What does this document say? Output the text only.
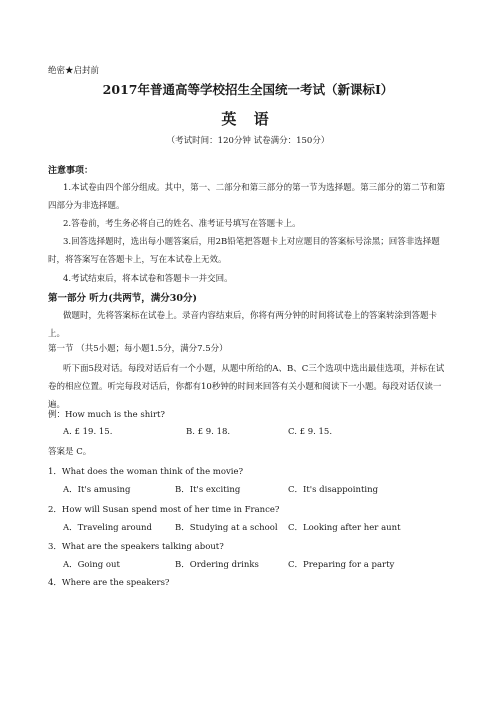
绝密★启封前
2017年普通高等学校招生全国统一考试（新课标Ⅰ）
英 语
（考试时间：120分钟 试卷满分：150分）
注意事项：
1.本试卷由四个部分组成。其中，第一、二部分和第三部分的第一节为选择题。第三部分的第二节和第四部分为非选择题。
2.答卷前，考生务必将自己的姓名、准考证号填写在答题卡上。
3.回答选择题时，选出每小题答案后，用2B铅笔把答题卡上对应题目的答案标号涂黑；回答非选择题时，将答案写在答题卡上，写在本试卷上无效。
4.考试结束后，将本试卷和答题卡一并交回。
第一部分 听力(共两节，满分30分)
做题时，先将答案标在试卷上。录音内容结束后，你将有两分钟的时间将试卷上的答案转涂到答题卡上。
第一节 （共5小题；每小题1.5分，满分7.5分）
听下面5段对话。每段对话后有一个小题，从题中所给的A、B、C三个选项中选出最佳选项，并标在试卷的相应位置。听完每段对话后，你都有10秒钟的时间来回答有关小题和阅读下一小题。每段对话仅读一遍。
例：How much is the shirt?
A. £ 19. 15.	B. £ 9. 18.	C. £ 9. 15.
答案是 C。
1．What does the woman think of the movie?
A．It's amusing	B．It's exciting	C．It's disappointing
2．How will Susan spend most of her time in France?
A．Traveling around	B．Studying at a school C．Looking after her aunt
3．What are the speakers talking about?
A．Going out	B．Ordering drinks	C．Preparing for a party
4．Where are the speakers?
